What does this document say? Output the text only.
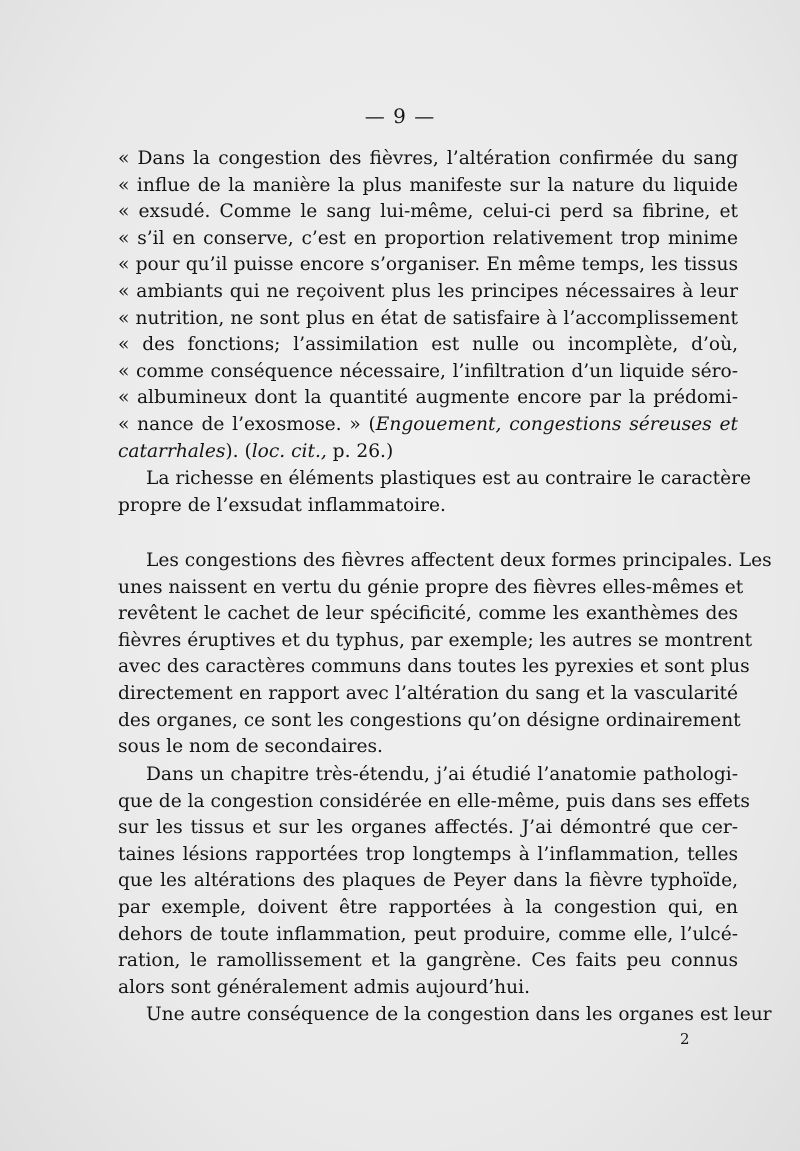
— 9 —
« Dans la congestion des fièvres, l’altération confirmée du sang
« influe de la manière la plus manifeste sur la nature du liquide
« exsudé. Comme le sang lui-même, celui-ci perd sa fibrine, et
« s’il en conserve, c’est en proportion relativement trop minime
« pour qu’il puisse encore s’organiser. En même temps, les tissus
« ambiants qui ne reçoivent plus les principes nécessaires à leur
« nutrition, ne sont plus en état de satisfaire à l’accomplissement
« des fonctions; l’assimilation est nulle ou incomplète, d’où,
« comme conséquence nécessaire, l’infiltration d’un liquide séro-
« albumineux dont la quantité augmente encore par la prédomi-
« nance de l’exosmose. » (Engouement, congestions séreuses et
catarrhales). (loc. cit., p. 26.)
La richesse en éléments plastiques est au contraire le caractère
propre de l’exsudat inflammatoire.
Les congestions des fièvres affectent deux formes principales. Les
unes naissent en vertu du génie propre des fièvres elles-mêmes et
revêtent le cachet de leur spécificité, comme les exanthèmes des
fièvres éruptives et du typhus, par exemple; les autres se montrent
avec des caractères communs dans toutes les pyrexies et sont plus
directement en rapport avec l’altération du sang et la vascularité
des organes, ce sont les congestions qu’on désigne ordinairement
sous le nom de secondaires.
Dans un chapitre très-étendu, j’ai étudié l’anatomie pathologi-
que de la congestion considérée en elle-même, puis dans ses effets
sur les tissus et sur les organes affectés. J’ai démontré que cer-
taines lésions rapportées trop longtemps à l’inflammation, telles
que les altérations des plaques de Peyer dans la fièvre typhoïde,
par exemple, doivent être rapportées à la congestion qui, en
dehors de toute inflammation, peut produire, comme elle, l’ulcé-
ration, le ramollissement et la gangrène. Ces faits peu connus
alors sont généralement admis aujourd’hui.
Une autre conséquence de la congestion dans les organes est leur
2
